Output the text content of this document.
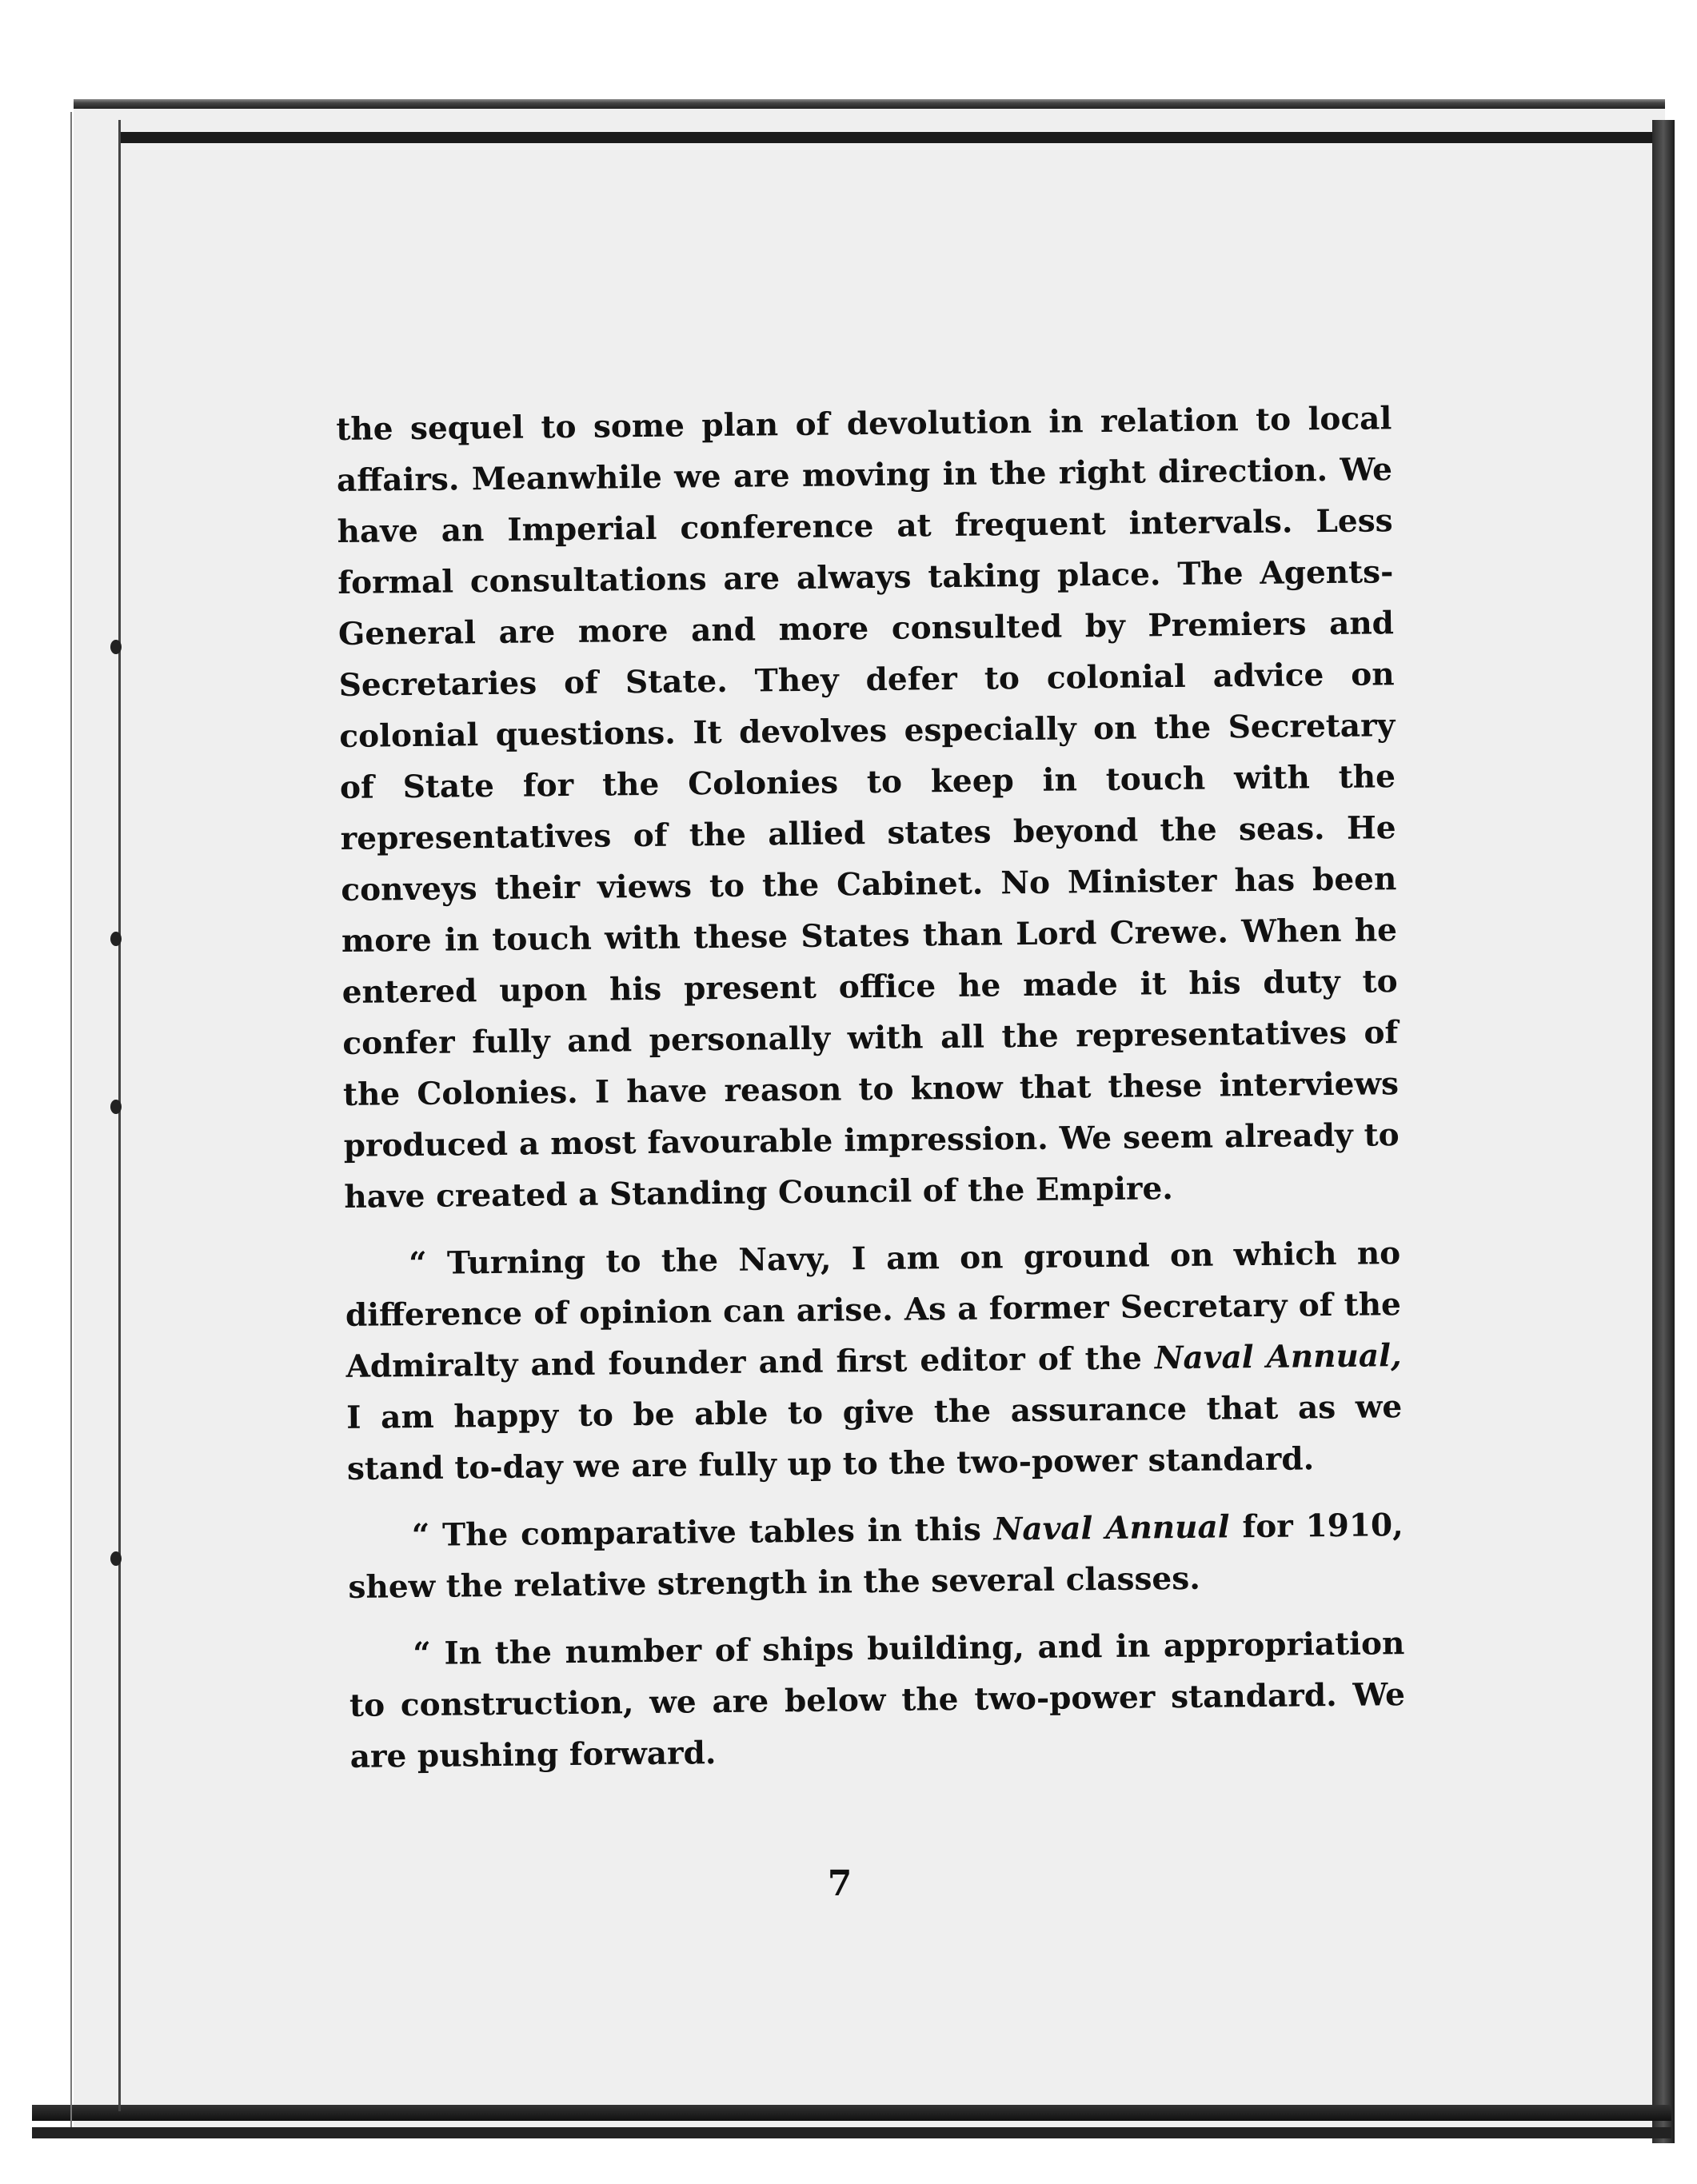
the sequel to some plan of devolution in relation to local affairs. Meanwhile we are moving in the right direction. We have an Imperial conference at frequent intervals. Less formal consultations are always taking place. The Agents-General are more and more consulted by Premiers and Secretaries of State. They defer to colonial advice on colonial questions. It devolves especially on the Secretary of State for the Colonies to keep in touch with the representatives of the allied states beyond the seas. He conveys their views to the Cabinet. No Minister has been more in touch with these States than Lord Crewe. When he entered upon his present office he made it his duty to confer fully and personally with all the representatives of the Colonies. I have reason to know that these interviews produced a most favourable impression. We seem already to have created a Standing Council of the Empire.

“ Turning to the Navy, I am on ground on which no difference of opinion can arise. As a former Secretary of the Admiralty and founder and first editor of the Naval Annual, I am happy to be able to give the assurance that as we stand to-day we are fully up to the two-power standard.

“ The comparative tables in this Naval Annual for 1910, shew the relative strength in the several classes.

“ In the number of ships building, and in appropriation to construction, we are below the two-power standard. We are pushing forward.

7
